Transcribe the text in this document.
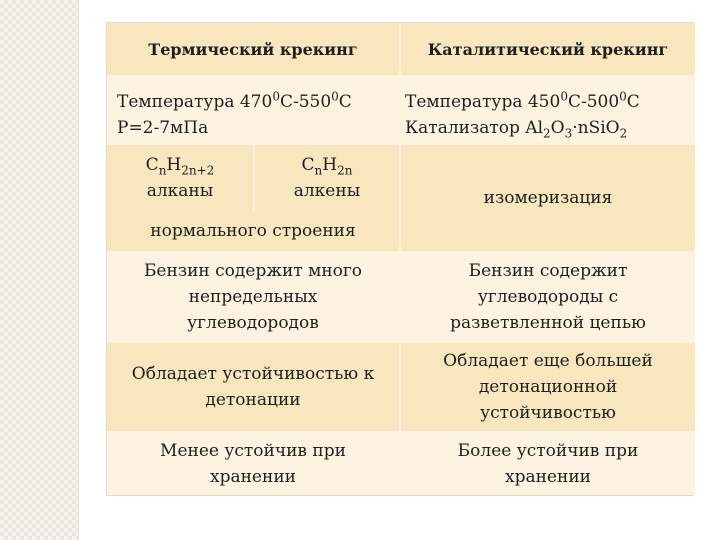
Термический крекинг	Каталитический крекинг
Температура $470^0С-550^0С$
Р=2-7мПа
Температура $450^0С-500^0С$
Катализатор $Al_2O_3\cdot nSiO_2$
$C_nH_{2n+2}$
алканы
$C_nH_{2n}$
алкены
нормального строения
изомеризация
Бензин содержит много
непредельных
углеводородов
Бензин содержит
углеводороды с
разветвленной цепью
Обладает устойчивостью к
детонации
Обладает еще большей
детонационной
устойчивостью
Менее устойчив при
хранении
Более устойчив при
хранении
